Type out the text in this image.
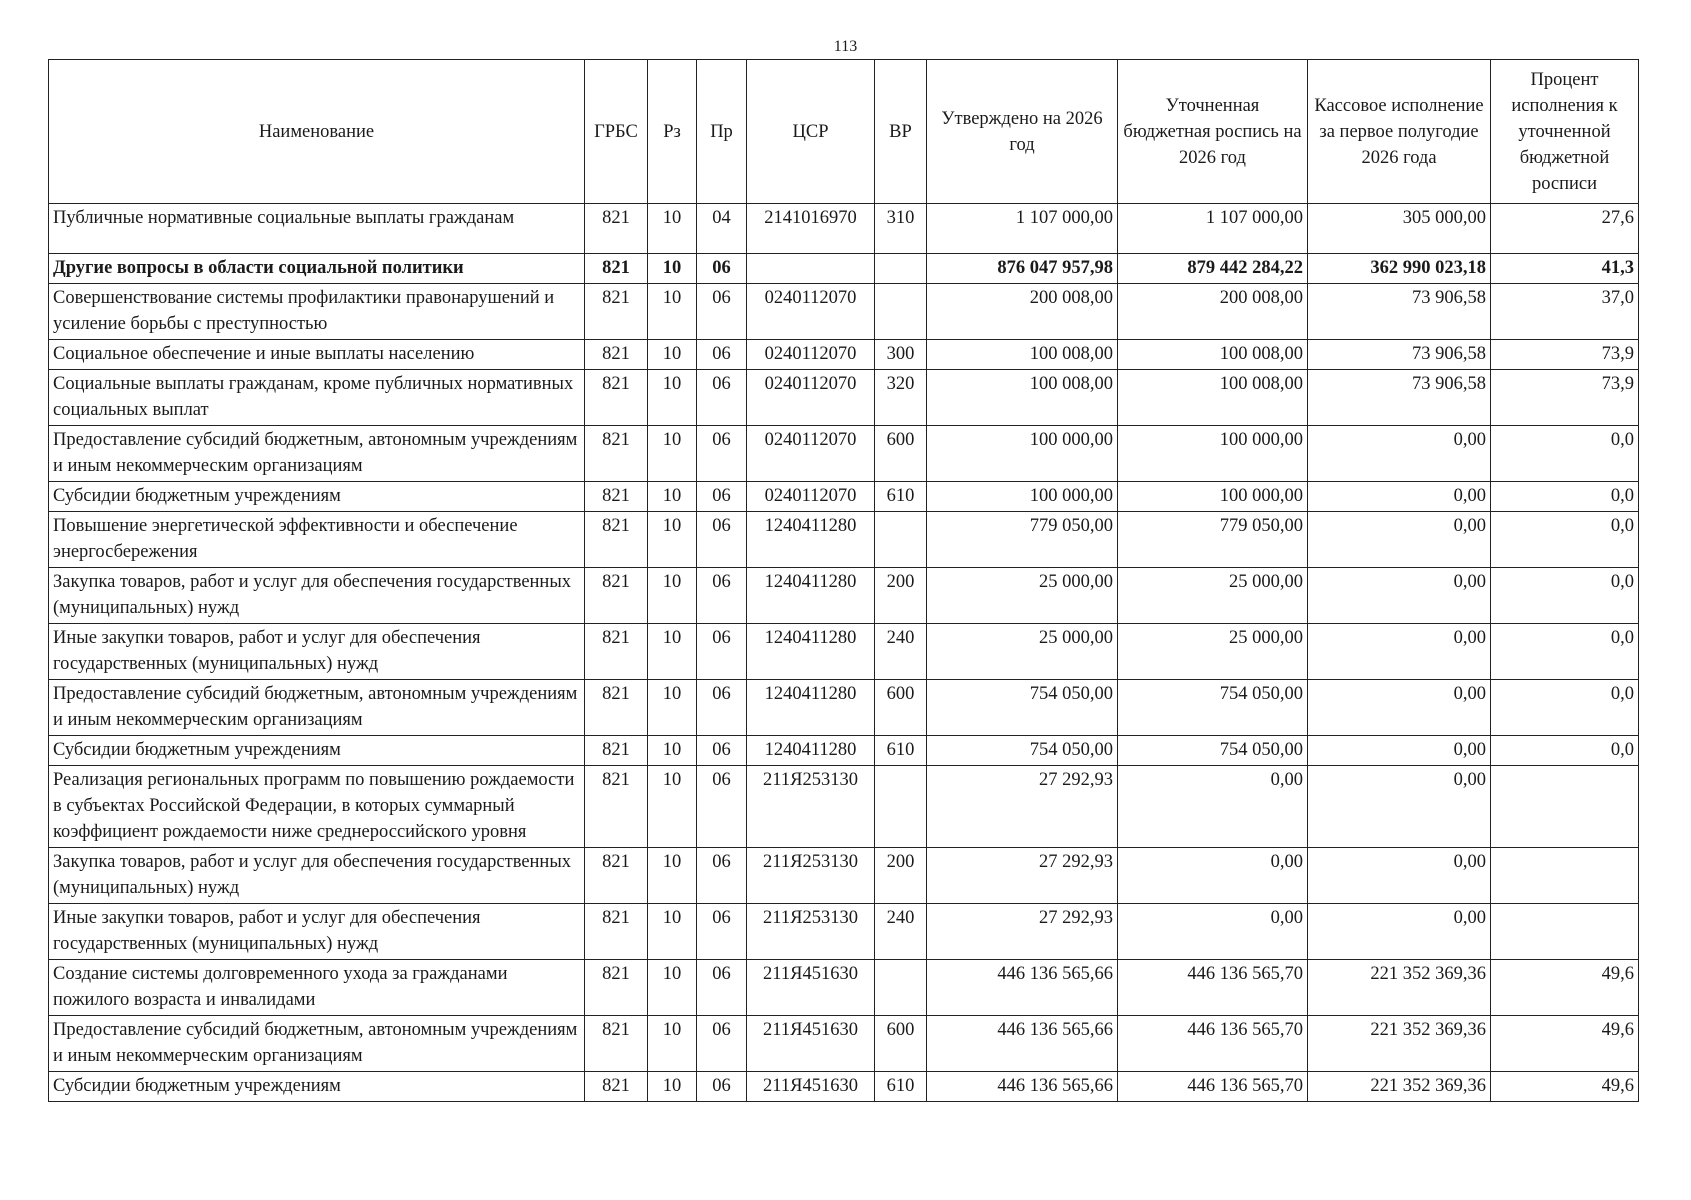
113
Наименование	ГРБС	Рз	Пр	ЦСР	ВР	Утверждено на 2026 год	Уточненная бюджетная роспись на 2026 год	Кассовое исполнение за первое полугодие 2026 года	Процент исполнения к уточненной бюджетной росписи
Публичные нормативные социальные выплаты гражданам	821	10	04	2141016970	310	1 107 000,00	1 107 000,00	305 000,00	27,6
Другие вопросы в области социальной политики	821	10	06			876 047 957,98	879 442 284,22	362 990 023,18	41,3
Совершенствование системы профилактики правонарушений и усиление борьбы с преступностью	821	10	06	0240112070		200 008,00	200 008,00	73 906,58	37,0
Социальное обеспечение и иные выплаты населению	821	10	06	0240112070	300	100 008,00	100 008,00	73 906,58	73,9
Социальные выплаты гражданам, кроме публичных нормативных социальных выплат	821	10	06	0240112070	320	100 008,00	100 008,00	73 906,58	73,9
Предоставление субсидий бюджетным, автономным учреждениям и иным некоммерческим организациям	821	10	06	0240112070	600	100 000,00	100 000,00	0,00	0,0
Субсидии бюджетным учреждениям	821	10	06	0240112070	610	100 000,00	100 000,00	0,00	0,0
Повышение энергетической эффективности и обеспечение энергосбережения	821	10	06	1240411280		779 050,00	779 050,00	0,00	0,0
Закупка товаров, работ и услуг для обеспечения государственных (муниципальных) нужд	821	10	06	1240411280	200	25 000,00	25 000,00	0,00	0,0
Иные закупки товаров, работ и услуг для обеспечения государственных (муниципальных) нужд	821	10	06	1240411280	240	25 000,00	25 000,00	0,00	0,0
Предоставление субсидий бюджетным, автономным учреждениям и иным некоммерческим организациям	821	10	06	1240411280	600	754 050,00	754 050,00	0,00	0,0
Субсидии бюджетным учреждениям	821	10	06	1240411280	610	754 050,00	754 050,00	0,00	0,0
Реализация региональных программ по повышению рождаемости в субъектах Российской Федерации, в которых суммарный коэффициент рождаемости ниже среднероссийского уровня	821	10	06	211Я253130		27 292,93	0,00	0,00	
Закупка товаров, работ и услуг для обеспечения государственных (муниципальных) нужд	821	10	06	211Я253130	200	27 292,93	0,00	0,00	
Иные закупки товаров, работ и услуг для обеспечения государственных (муниципальных) нужд	821	10	06	211Я253130	240	27 292,93	0,00	0,00	
Создание системы долговременного ухода за гражданами пожилого возраста и инвалидами	821	10	06	211Я451630		446 136 565,66	446 136 565,70	221 352 369,36	49,6
Предоставление субсидий бюджетным, автономным учреждениям и иным некоммерческим организациям	821	10	06	211Я451630	600	446 136 565,66	446 136 565,70	221 352 369,36	49,6
Субсидии бюджетным учреждениям	821	10	06	211Я451630	610	446 136 565,66	446 136 565,70	221 352 369,36	49,6
